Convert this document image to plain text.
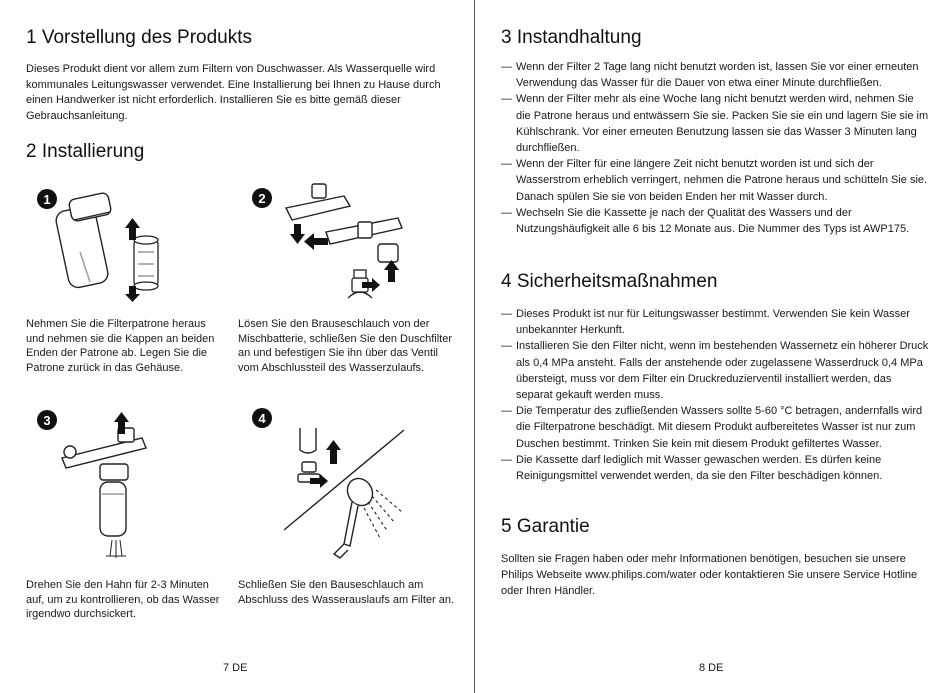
1 Vorstellung des Produkts

Dieses Produkt dient vor allem zum Filtern von Duschwasser. Als Wasserquelle wird kommunales Leitungswasser verwendet. Eine Installierung bei Ihnen zu Hause durch einen Handwerker ist nicht erforderlich. Installieren Sie es bitte gemäß dieser Gebrauchsanleitung.

2 Installierung
1	2

Nehmen Sie die Filterpatrone heraus und nehmen sie die Kappen an beiden Enden der Patrone ab. Legen Sie die Patrone zurück in das Gehäuse.

Lösen Sie den Brauseschlauch von der Mischbatterie, schließen Sie den Duschfilter an und befestigen Sie ihn über das Ventil vom Abschlussteil des Wasserzulaufs.

3	4

Drehen Sie den Hahn für 2-3 Minuten auf, um zu kontrollieren, ob das Wasser irgendwo durchsickert.

Schließen Sie den Bauseschlauch am Abschluss des Wasserauslaufs am Filter an.

7 DE
3 Instandhaltung
— Wenn der Filter 2 Tage lang nicht benutzt worden ist, lassen Sie vor einer erneuten Verwendung das Wasser für die Dauer von etwa einer Minute durchfließen.
— Wenn der Filter mehr als eine Woche lang nicht benutzt werden wird, nehmen Sie die Patrone heraus und entwässern Sie sie. Packen Sie sie ein und lagern Sie sie im Kühlschrank. Vor einer erneuten Benutzung lassen sie das Wasser 3 Minuten lang durchfließen.
— Wenn der Filter für eine längere Zeit nicht benutzt worden ist und sich der Wasserstrom erheblich verringert, nehmen die Patrone heraus und schütteln Sie sie. Danach spülen Sie sie von beiden Enden her mit Wasser durch.
— Wechseln Sie die Kassette je nach der Qualität des Wassers und der Nutzungshäufigkeit alle 6 bis 12 Monate aus. Die Nummer des Typs ist AWP175.
4 Sicherheitsmaßnahmen
— Dieses Produkt ist nur für Leitungswasser bestimmt. Verwenden Sie kein Wasser unbekannter Herkunft.
— Installieren Sie den Filter nicht, wenn im bestehenden Wassernetz ein höherer Druck als 0,4 MPa ansteht. Falls der anstehende oder zugelassene Wasserdruck 0,4 MPa übersteigt, muss vor dem Filter ein Druckreduzierventil installiert werden, das separat gekauft werden muss.
— Die Temperatur des zufließenden Wassers sollte 5-60 °C betragen, andernfalls wird die Filterpatrone beschädigt. Mit diesem Produkt aufbereitetes Wasser ist nur zum Duschen bestimmt. Trinken Sie kein mit diesem Produkt gefiltertes Wasser.
— Die Kassette darf lediglich mit Wasser gewaschen werden. Es dürfen keine Reinigungsmittel verwendet werden, da sie den Filter beschädigen können.
5 Garantie

Sollten sie Fragen haben oder mehr Informationen benötigen, besuchen sie unsere Philips Webseite www.philips.com/water oder kontaktieren Sie unsere Service Hotline oder Ihren Händler.

8 DE
